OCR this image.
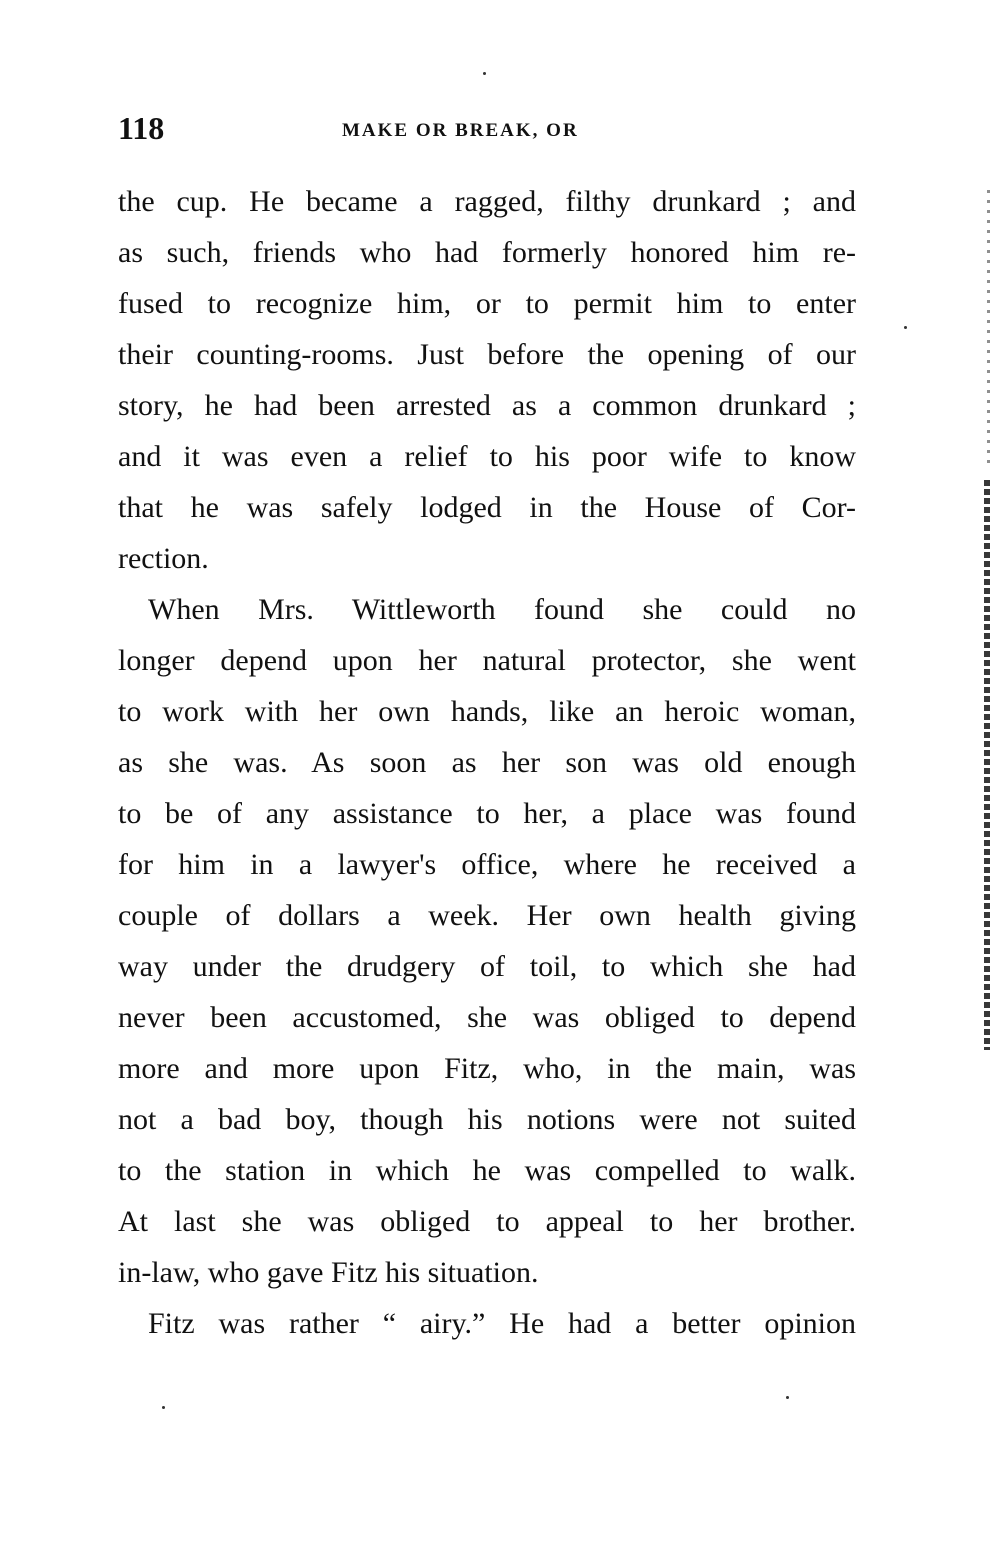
118	MAKE OR BREAK, OR

the cup. He became a ragged, filthy drunkard ; and
as such, friends who had formerly honored him re-
fused to recognize him, or to permit him to enter
their counting-rooms. Just before the opening of our
story, he had been arrested as a common drunkard ;
and it was even a relief to his poor wife to know
that he was safely lodged in the House of Cor-
rection.

When Mrs. Wittleworth found she could no
longer depend upon her natural protector, she went
to work with her own hands, like an heroic woman,
as she was. As soon as her son was old enough
to be of any assistance to her, a place was found
for him in a lawyer's office, where he received a
couple of dollars a week. Her own health giving
way under the drudgery of toil, to which she had
never been accustomed, she was obliged to depend
more and more upon Fitz, who, in the main, was
not a bad boy, though his notions were not suited
to the station in which he was compelled to walk.
At last she was obliged to appeal to her brother.
in-law, who gave Fitz his situation.

Fitz was rather “ airy.” He had a better opinion
